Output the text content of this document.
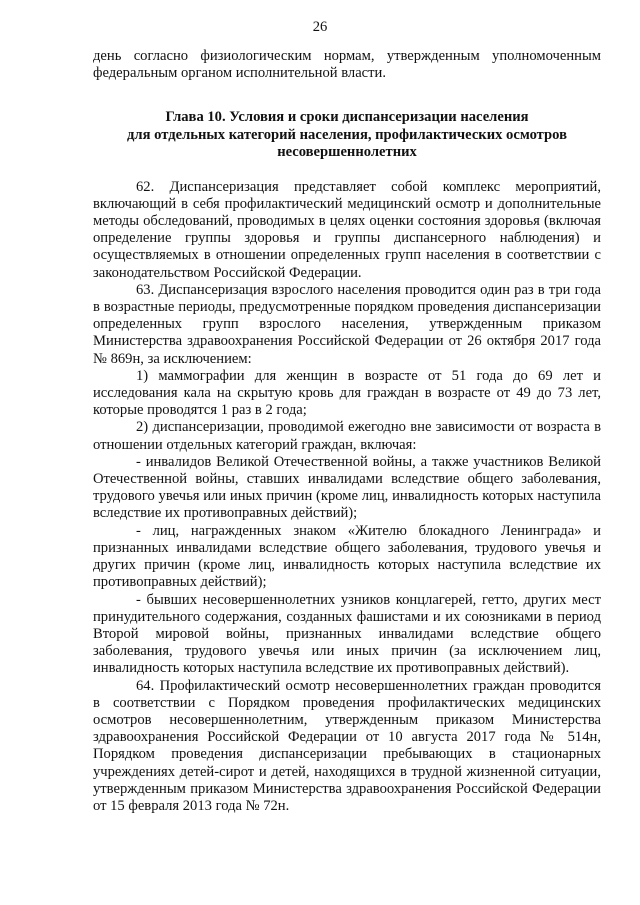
26

день согласно физиологическим нормам, утвержденным уполномоченным федеральным органом исполнительной власти.

Глава 10. Условия и сроки диспансеризации населения
для отдельных категорий населения, профилактических осмотров
несовершеннолетних

62. Диспансеризация представляет собой комплекс мероприятий, включающий в себя профилактический медицинский осмотр и дополнительные методы обследований, проводимых в целях оценки состояния здоровья (включая определение группы здоровья и группы диспансерного наблюдения) и осуществляемых в отношении определенных групп населения в соответствии с законодательством Российской Федерации.

63. Диспансеризация взрослого населения проводится один раз в три года в возрастные периоды, предусмотренные порядком проведения диспансеризации определенных групп взрослого населения, утвержденным приказом Министерства здравоохранения Российской Федерации от 26 октября 2017 года № 869н, за исключением:

1) маммографии для женщин в возрасте от 51 года до 69 лет и исследования кала на скрытую кровь для граждан в возрасте от 49 до 73 лет, которые проводятся 1 раз в 2 года;

2) диспансеризации, проводимой ежегодно вне зависимости от возраста в отношении отдельных категорий граждан, включая:

- инвалидов Великой Отечественной войны, а также участников Великой Отечественной войны, ставших инвалидами вследствие общего заболевания, трудового увечья или иных причин (кроме лиц, инвалидность которых наступила вследствие их противоправных действий);

- лиц, награжденных знаком «Жителю блокадного Ленинграда» и признанных инвалидами вследствие общего заболевания, трудового увечья и других причин (кроме лиц, инвалидность которых наступила вследствие их противоправных действий);

- бывших несовершеннолетних узников концлагерей, гетто, других мест принудительного содержания, созданных фашистами и их союзниками в период Второй мировой войны, признанных инвалидами вследствие общего заболевания, трудового увечья или иных причин (за исключением лиц, инвалидность которых наступила вследствие их противоправных действий).

64. Профилактический осмотр несовершеннолетних граждан проводится в соответствии с Порядком проведения профилактических медицинских осмотров несовершеннолетним, утвержденным приказом Министерства здравоохранения Российской Федерации от 10 августа 2017 года № 514н, Порядком проведения диспансеризации пребывающих в стационарных учреждениях детей-сирот и детей, находящихся в трудной жизненной ситуации, утвержденным приказом Министерства здравоохранения Российской Федерации от 15 февраля 2013 года № 72н.
